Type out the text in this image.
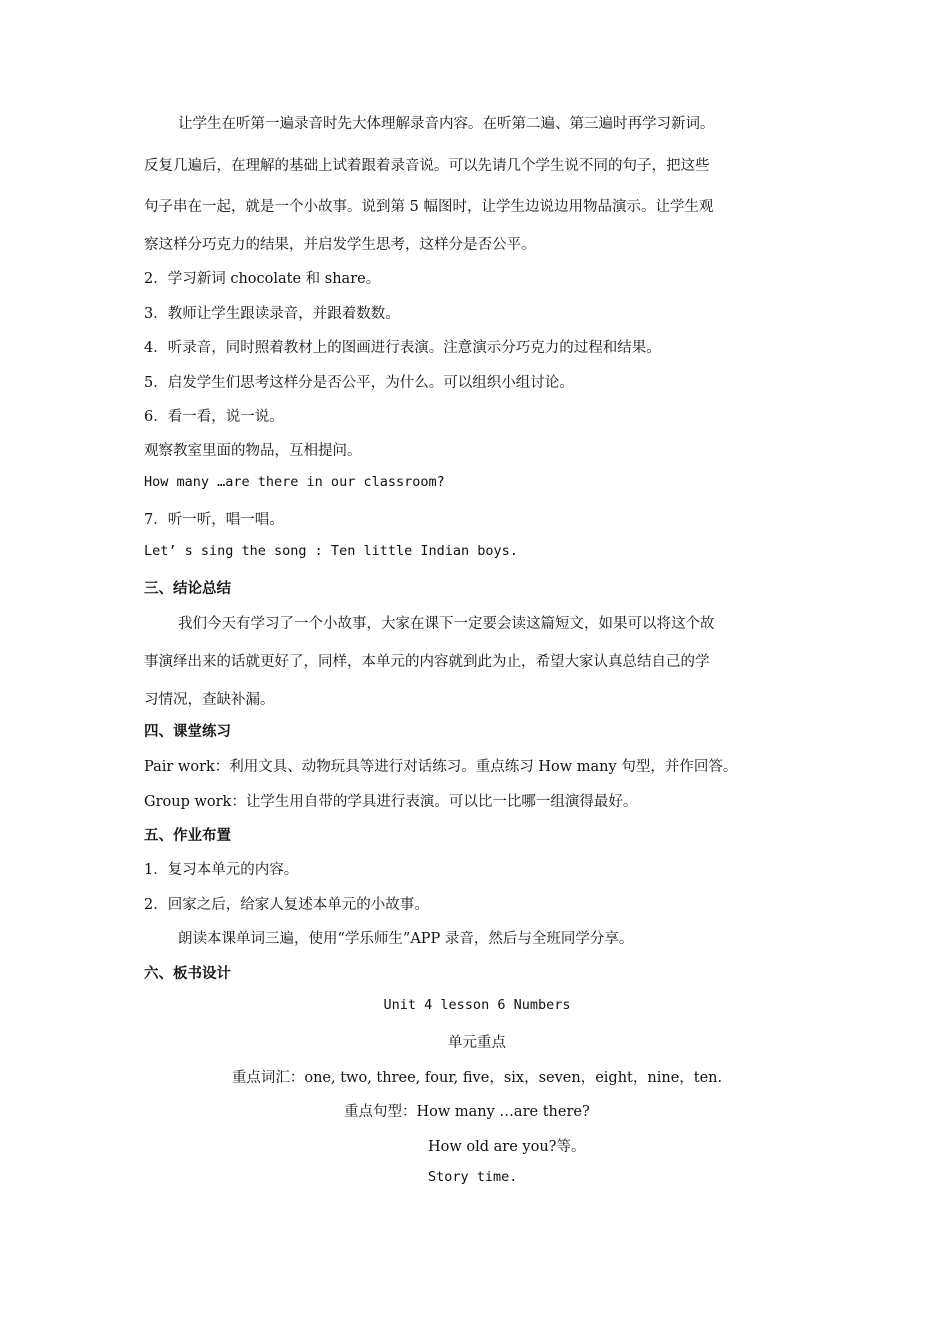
让学生在听第一遍录音时先大体理解录音内容。在听第二遍、第三遍时再学习新词。
反复几遍后，在理解的基础上试着跟着录音说。可以先请几个学生说不同的句子，把这些
句子串在一起，就是一个小故事。说到第 5 幅图时，让学生边说边用物品演示。让学生观
察这样分巧克力的结果，并启发学生思考，这样分是否公平。
2．学习新词 chocolate 和 share。
3．教师让学生跟读录音，并跟着数数。
4．听录音，同时照着教材上的图画进行表演。注意演示分巧克力的过程和结果。
5．启发学生们思考这样分是否公平，为什么。可以组织小组讨论。
6．看一看，说一说。
观察教室里面的物品，互相提问。
How many …are there in our classroom?
7．听一听，唱一唱。
Let’ s sing the song : Ten little Indian boys.
三、结论总结
我们今天有学习了一个小故事，大家在课下一定要会读这篇短文，如果可以将这个故
事演绎出来的话就更好了，同样，本单元的内容就到此为止，希望大家认真总结自己的学
习情况，查缺补漏。
四、课堂练习
Pair work：利用文具、动物玩具等进行对话练习。重点练习 How many 句型，并作回答。
Group work：让学生用自带的学具进行表演。可以比一比哪一组演得最好。
五、作业布置
1．复习本单元的内容。
2．回家之后，给家人复述本单元的小故事。
朗读本课单词三遍，使用“学乐师生”APP 录音，然后与全班同学分享。
六、板书设计
Unit 4 lesson 6 Numbers
单元重点
重点词汇：one, two, three, four, five，six，seven，eight，nine，ten.
重点句型：How many …are there?
How old are you?等。
Story time.
